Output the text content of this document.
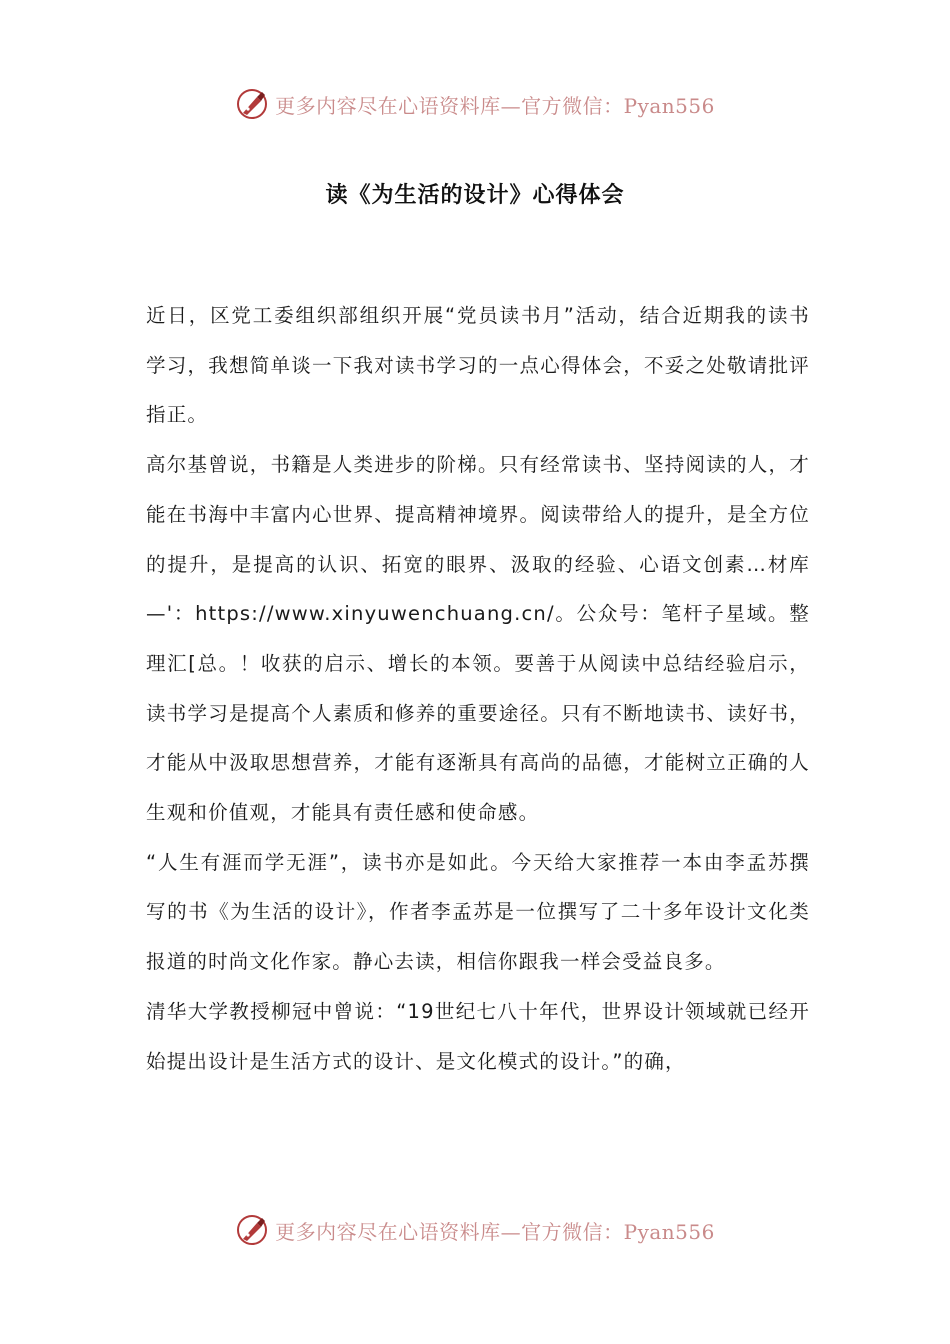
更多内容尽在心语资料库—官方微信：Pyan556
读《为生活的设计》心得体会

近日，区党工委组织部组织开展“党员读书月”活动，结合近期我的读书学习，我想简单谈一下我对读书学习的一点心得体会，不妥之处敬请批评指正。

高尔基曾说，书籍是人类进步的阶梯。只有经常读书、坚持阅读的人，才能在书海中丰富内心世界、提高精神境界。阅读带给人的提升，是全方位的提升，是提高的认识、拓宽的眼界、汲取的经验、心语文创素…材库—'：https://www.xinyuwenchuang.cn/。公众号：笔杆子星域。整理汇[总。！收获的启示、增长的本领。要善于从阅读中总结经验启示，读书学习是提高个人素质和修养的重要途径。只有不断地读书、读好书，才能从中汲取思想营养，才能有逐渐具有高尚的品德，才能树立正确的人生观和价值观，才能具有责任感和使命感。

“人生有涯而学无涯”，读书亦是如此。今天给大家推荐一本由李孟苏撰写的书《为生活的设计》，作者李孟苏是一位撰写了二十多年设计文化类报道的时尚文化作家。静心去读，相信你跟我一样会受益良多。

清华大学教授柳冠中曾说：“19世纪七八十年代，世界设计领域就已经开始提出设计是生活方式的设计、是文化模式的设计。”的确，

更多内容尽在心语资料库—官方微信：Pyan556
